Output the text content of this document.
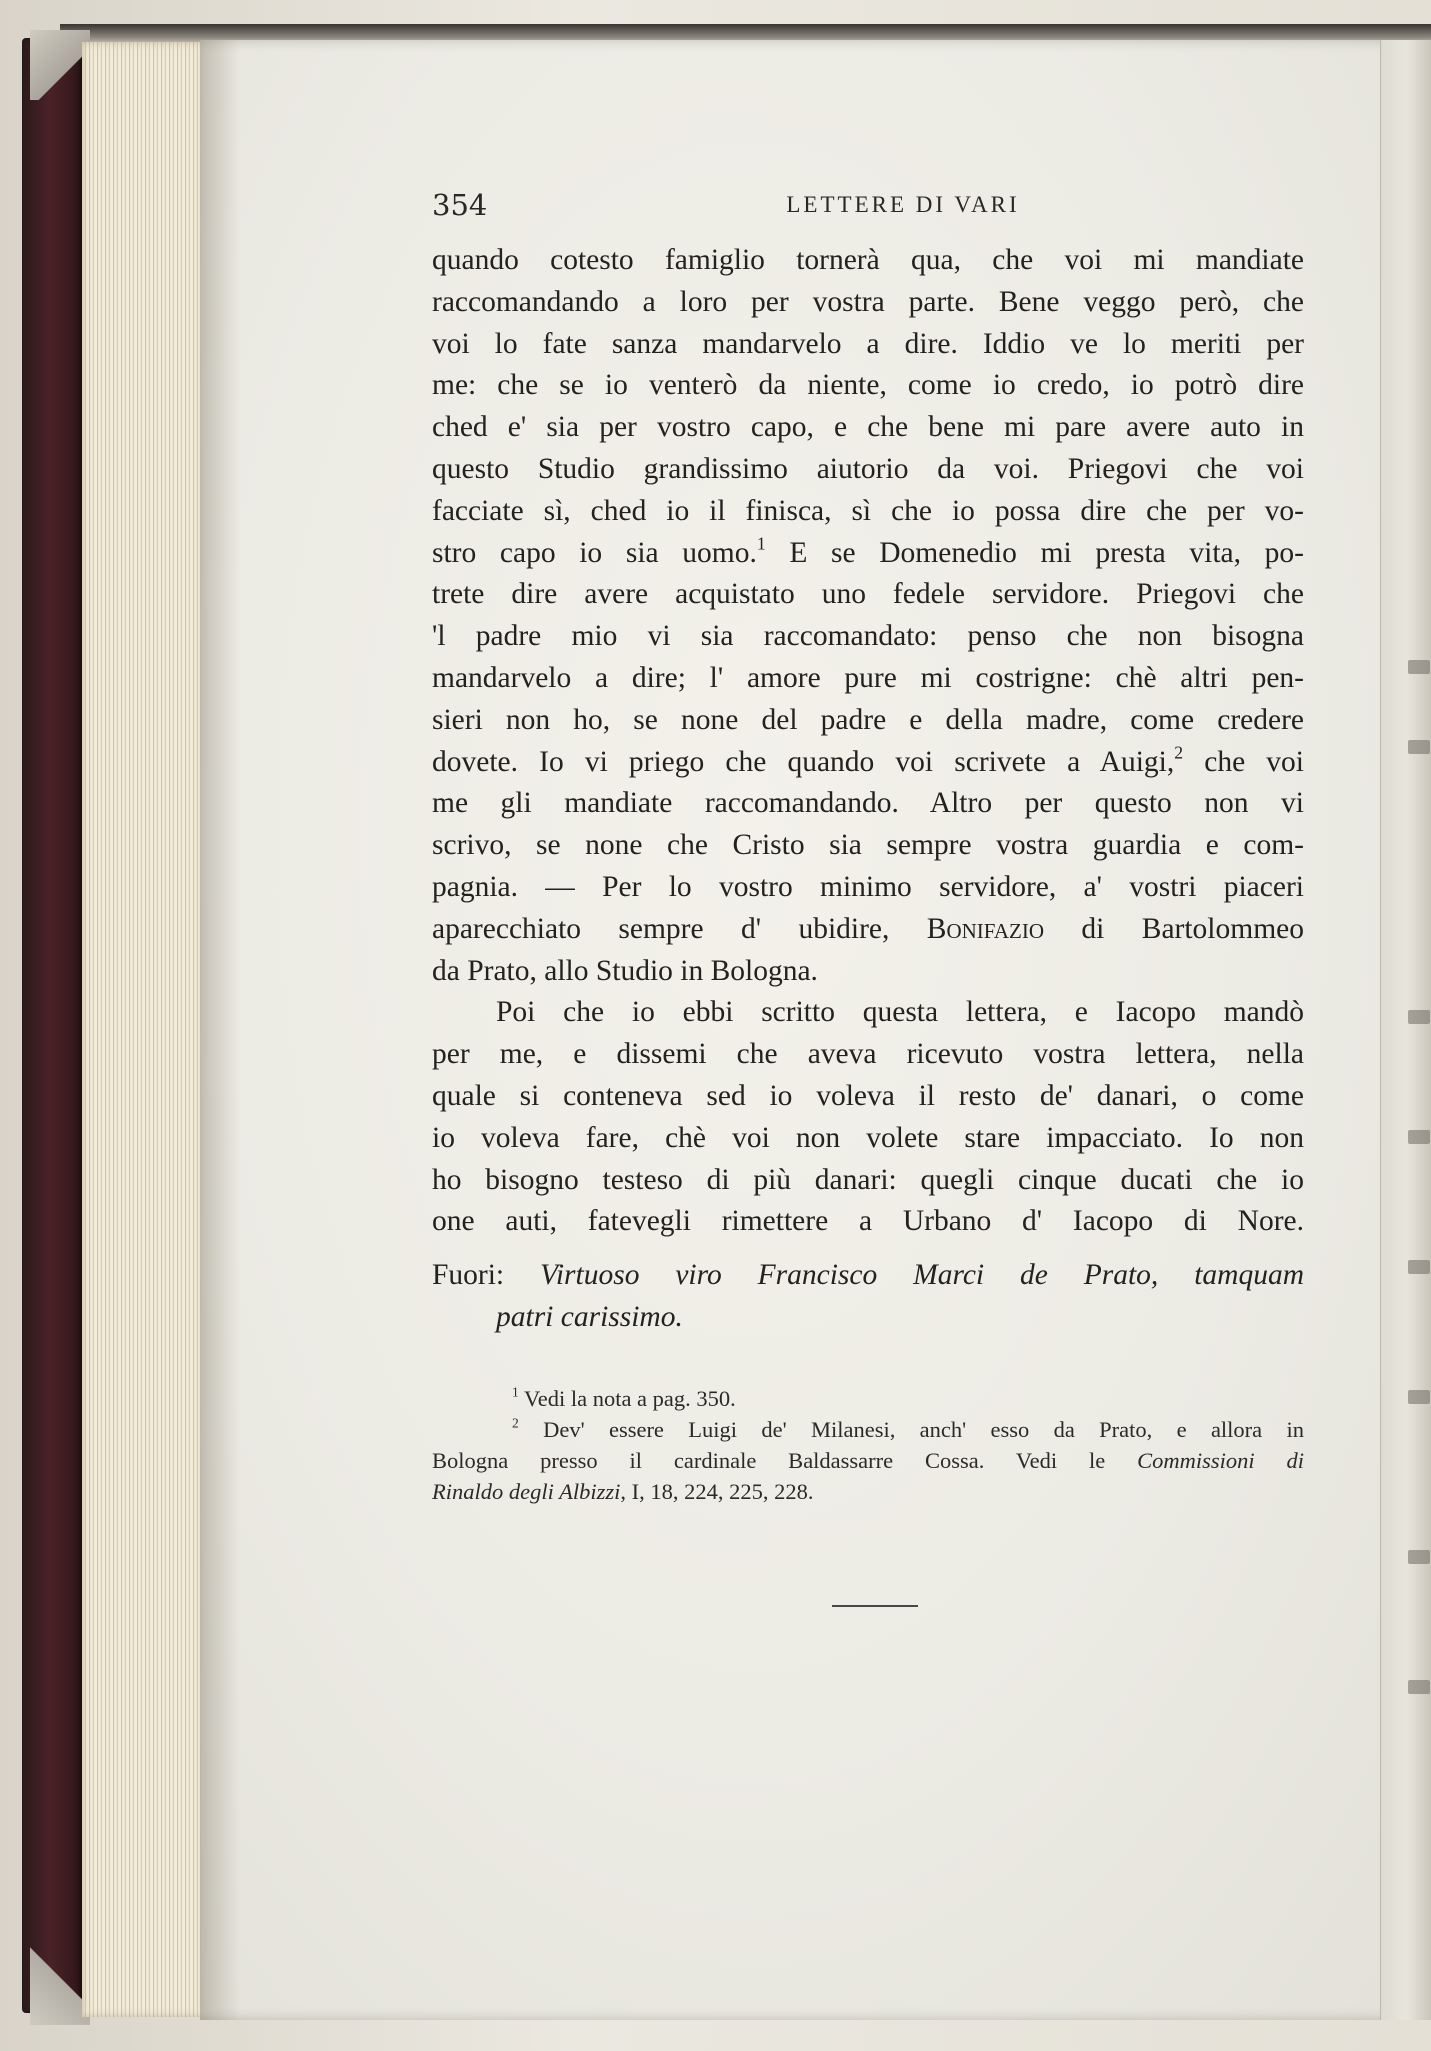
354	LETTERE DI VARI
quando cotesto famiglio tornerà qua, che voi mi mandiate
raccomandando a loro per vostra parte. Bene veggo però, che
voi lo fate sanza mandarvelo a dire. Iddio ve lo meriti per
me: che se io venterò da niente, come io credo, io potrò dire
ched e' sia per vostro capo, e che bene mi pare avere auto in
questo Studio grandissimo aiutorio da voi. Priegovi che voi
facciate sì, ched io il finisca, sì che io possa dire che per vo-
stro capo io sia uomo.$^1$ E se Domenedio mi presta vita, po-
trete dire avere acquistato uno fedele servidore. Priegovi che
'l padre mio vi sia raccomandato: penso che non bisogna
mandarvelo a dire; l' amore pure mi costrigne: chè altri pen-
sieri non ho, se none del padre e della madre, come credere
dovete. Io vi priego che quando voi scrivete a Auigi,$^2$ che voi
me gli mandiate raccomandando. Altro per questo non vi
scrivo, se none che Cristo sia sempre vostra guardia e com-
pagnia. — Per lo vostro minimo servidore, a' vostri piaceri
aparecchiato sempre d' ubidire, Bonifazio di Bartolommeo
da Prato, allo Studio in Bologna.
Poi che io ebbi scritto questa lettera, e Iacopo mandò
per me, e dissemi che aveva ricevuto vostra lettera, nella
quale si conteneva sed io voleva il resto de' danari, o come
io voleva fare, chè voi non volete stare impacciato. Io non
ho bisogno testeso di più danari: quegli cinque ducati che io
one auti, fatevegli rimettere a Urbano d' Iacopo di Nore.
Fuori: Virtuoso viro Francisco Marci de Prato, tamquam
patri carissimo.
$^1$ Vedi la nota a pag. 350.
$^2$ Dev' essere Luigi de' Milanesi, anch' esso da Prato, e allora in
Bologna presso il cardinale Baldassarre Cossa. Vedi le Commissioni di
Rinaldo degli Albizzi, I, 18, 224, 225, 228.
